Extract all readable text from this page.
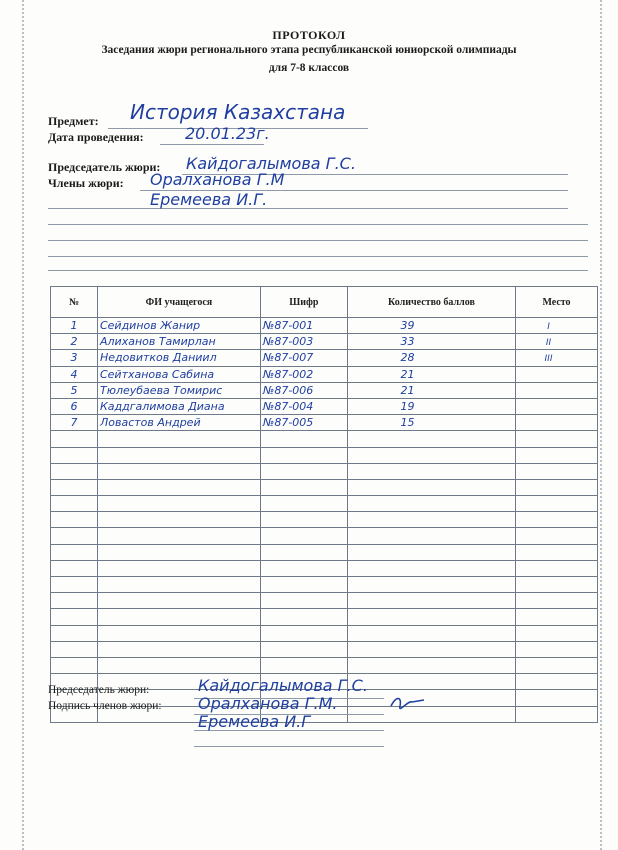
ПРОТОКОЛ
Заседания жюри регионального этапа республиканской юниорской олимпиады
для 7-8 классов
Предмет: История Казахстана
Дата проведения:	20.01.23г.
Председатель жюри: Кайдогалымова Г.С.
Члены жюри: Оралханова Г.М
Еремеева И.Г.
№	ФИ учащегося	Шифр	Количество баллов	Место
1	Сейдинов Жанир	№87-001	39	I
2	Алиханов Тамирлан	№87-003	33	II
3	Недовитков Даниил	№87-007	28	III
4	Сейтханова Сабина	№87-002	21	
5	Тюлеубаева Томирис	№87-006	21	
6	Каддгалимова Диана	№87-004	19	
7	Ловастов Андрей	№87-005	15	

Председатель жюри:	Кайдогалымова Г.С.
Подпись членов жюри: Оралханова Г.М.
Еремеева И.Г
